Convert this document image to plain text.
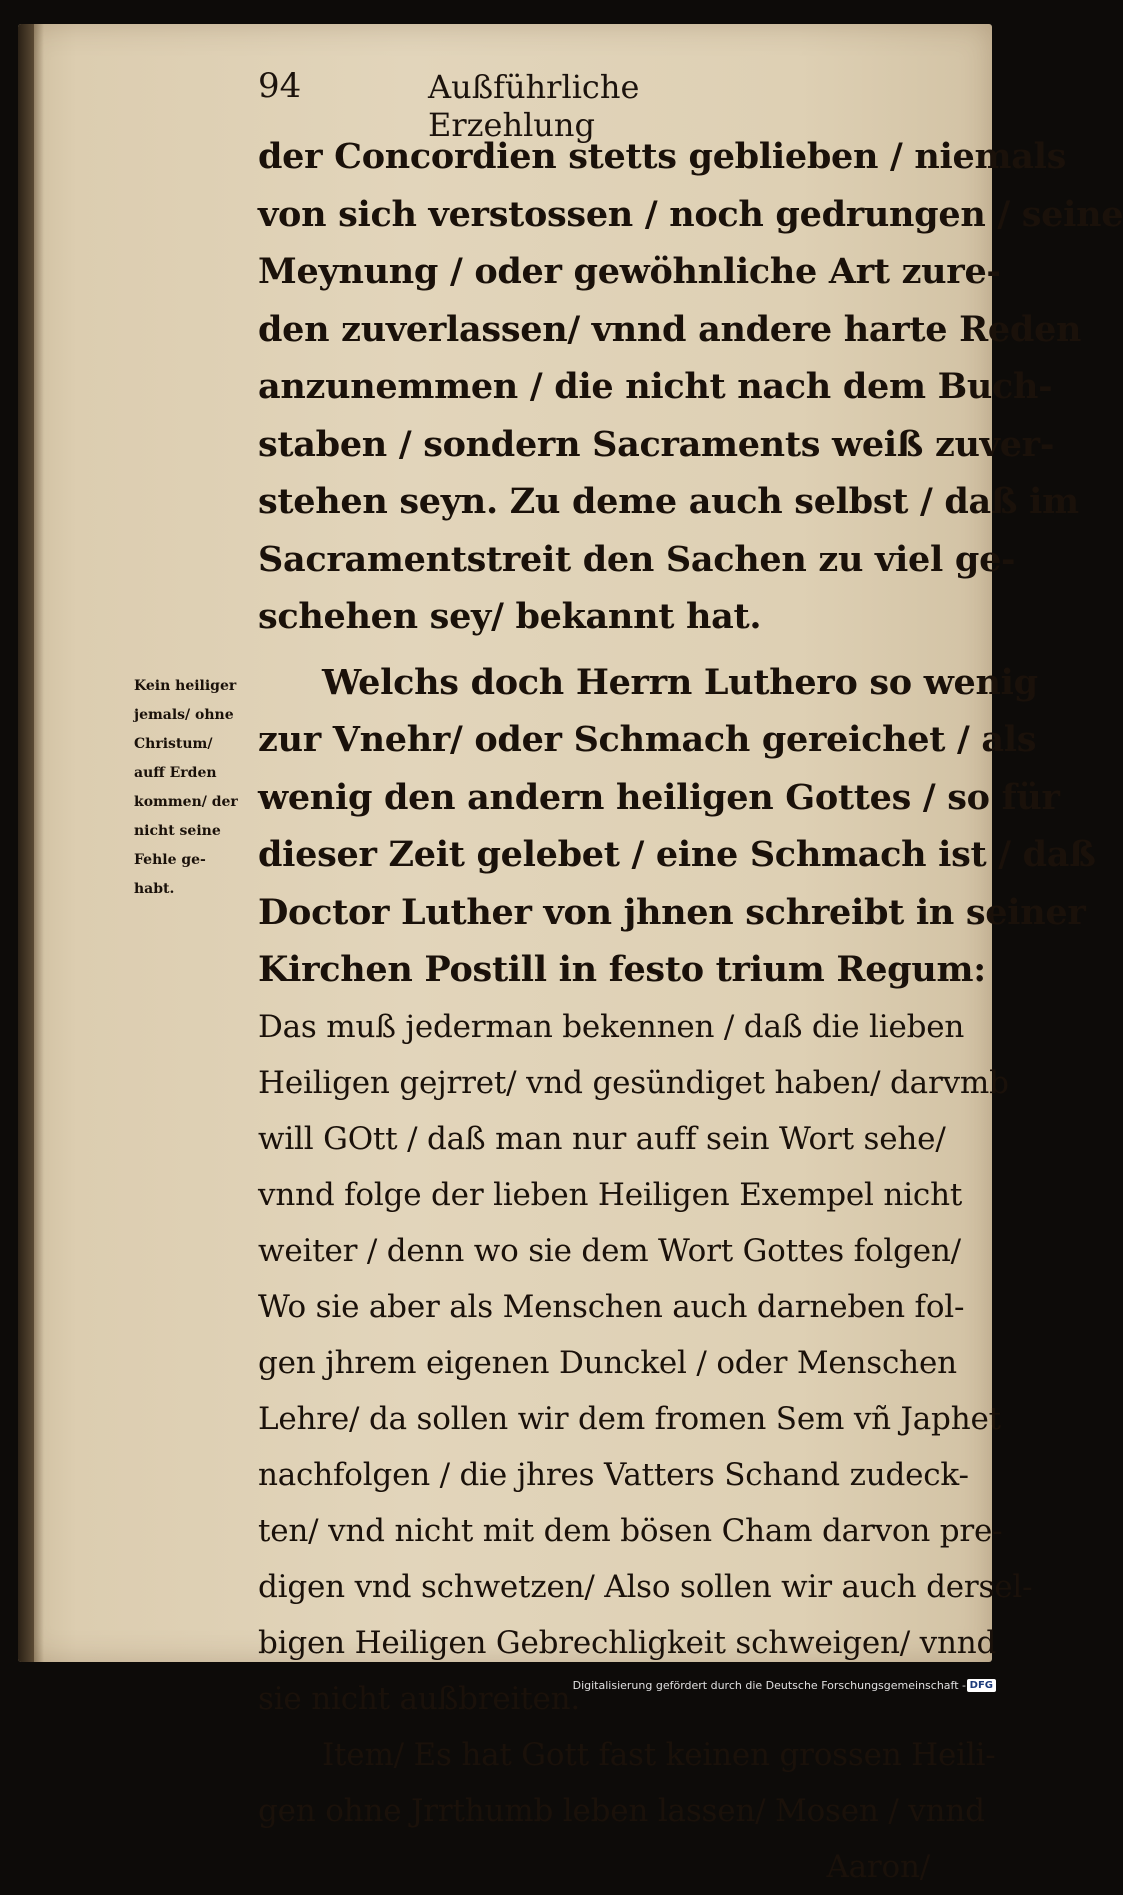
94	Außführliche Erzehlung
Kein heiliger
jemals/ ohne
Christum/
auff Erden
kommen/ der
nicht seine
Fehle ge-
habt.
der Concordien stetts geblieben / niemals
von sich verstossen / noch gedrungen / seine
Meynung / oder gewöhnliche Art zure-
den zuverlassen/ vnnd andere harte Reden
anzunemmen / die nicht nach dem Buch-
staben / sondern Sacraments weiß zuver-
stehen seyn. Zu deme auch selbst / daß im
Sacramentstreit den Sachen zu viel ge-
schehen sey/ bekannt hat.
Welchs doch Herrn Luthero so wenig
zur Vnehr/ oder Schmach gereichet / als
wenig den andern heiligen Gottes / so für
dieser Zeit gelebet / eine Schmach ist / daß
Doctor Luther von jhnen schreibt in seiner
Kirchen Postill in festo trium Regum:
Das muß jederman bekennen / daß die lieben
Heiligen gejrret/ vnd gesündiget haben/ darvmb
will GOtt / daß man nur auff sein Wort sehe/
vnnd folge der lieben Heiligen Exempel nicht
weiter / denn wo sie dem Wort Gottes folgen/
Wo sie aber als Menschen auch darneben fol-
gen jhrem eigenen Dunckel / oder Menschen
Lehre/ da sollen wir dem fromen Sem vñ Japhet
nachfolgen / die jhres Vatters Schand zudeck-
ten/ vnd nicht mit dem bösen Cham darvon pre-
digen vnd schwetzen/ Also sollen wir auch dersel-
bigen Heiligen Gebrechligkeit schweigen/ vnnd
sie nicht außbreiten.
Item/ Es hat Gott fast keinen grossen Heili-
gen ohne Jrrthumb leben lassen/ Mosen / vnnd
Aaron/
Digitalisierung gefördert durch die Deutsche Forschungsgemeinschaft - DFG
